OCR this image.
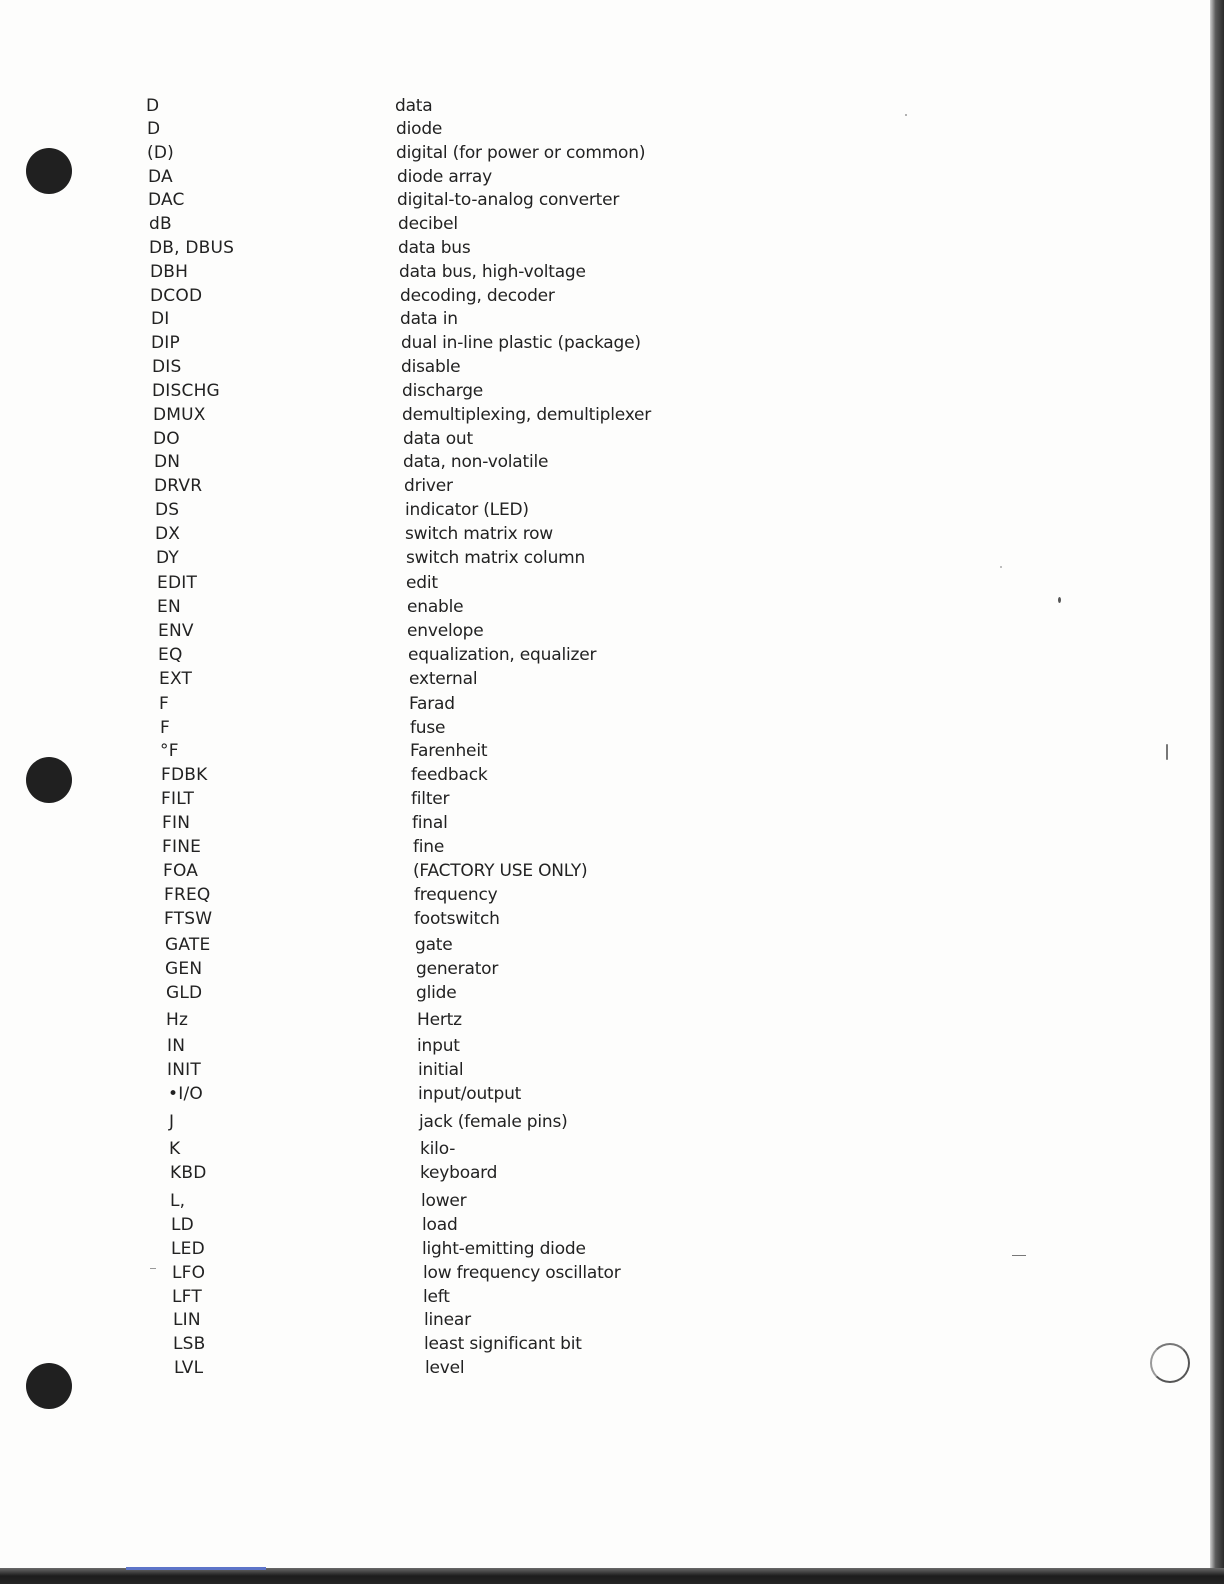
D	data
D	diode
(D)	digital (for power or common)
DA	diode array
DAC	digital-to-analog converter
dB	decibel
DB, DBUS	data bus
DBH	data bus, high-voltage
DCOD	decoding, decoder
DI	data in
DIP	dual in-line plastic (package)
DIS	disable
DISCHG	discharge
DMUX	demultiplexing, demultiplexer
DO	data out
DN	data, non-volatile
DRVR	driver
DS	indicator (LED)
DX	switch matrix row
DY	switch matrix column
EDIT	edit
EN	enable
ENV	envelope
EQ	equalization, equalizer
EXT	external
F	Farad
F	fuse
°F	Farenheit
FDBK	feedback
FILT	filter
FIN	final
FINE	fine
FOA	(FACTORY USE ONLY)
FREQ	frequency
FTSW	footswitch
GATE	gate
GEN	generator
GLD	glide
Hz	Hertz
IN	input
INIT	initial
•I/O	input/output
J	jack (female pins)
K	kilo-
KBD	keyboard
L,	lower
LD	load
LED	light-emitting diode
LFO	low frequency oscillator
LFT	left
LIN	linear
LSB	least significant bit
LVL	level
